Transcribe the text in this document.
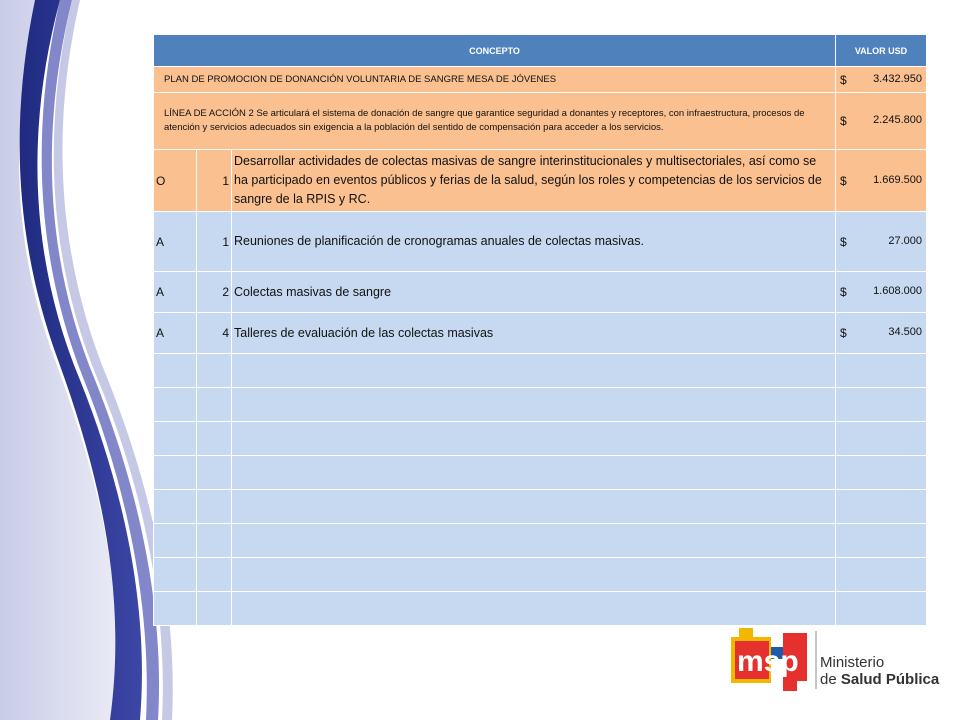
CONCEPTO			VALOR USD
PLAN DE PROMOCION DE DONANCIÓN VOLUNTARIA DE SANGRE MESA DE JÓVENES			$ 3.432.950

LÍNEA DE ACCIÓN 2 Se articulará el sistema de donación de sangre que garantice seguridad a donantes y receptores, con infraestructura, procesos de atención y servicios adecuados sin exigencia a la población del sentido de compensación para acceder a los servicios.			$ 2.245.800

O	1	Desarrollar actividades de colectas masivas de sangre interinstitucionales y multisectoriales, así como se ha participado en eventos públicos y ferias de la salud, según los roles y competencias de los servicios de sangre de la RPIS y RC.	$ 1.669.500

A	1	Reuniones de planificación de cronogramas anuales de colectas masivas.	$ 27.000

A	2	Colectas masivas de sangre	$ 1.608.000

A	4	Talleres de evaluación de las colectas masivas	$ 34.500

msp Ministerio
de Salud Pública
